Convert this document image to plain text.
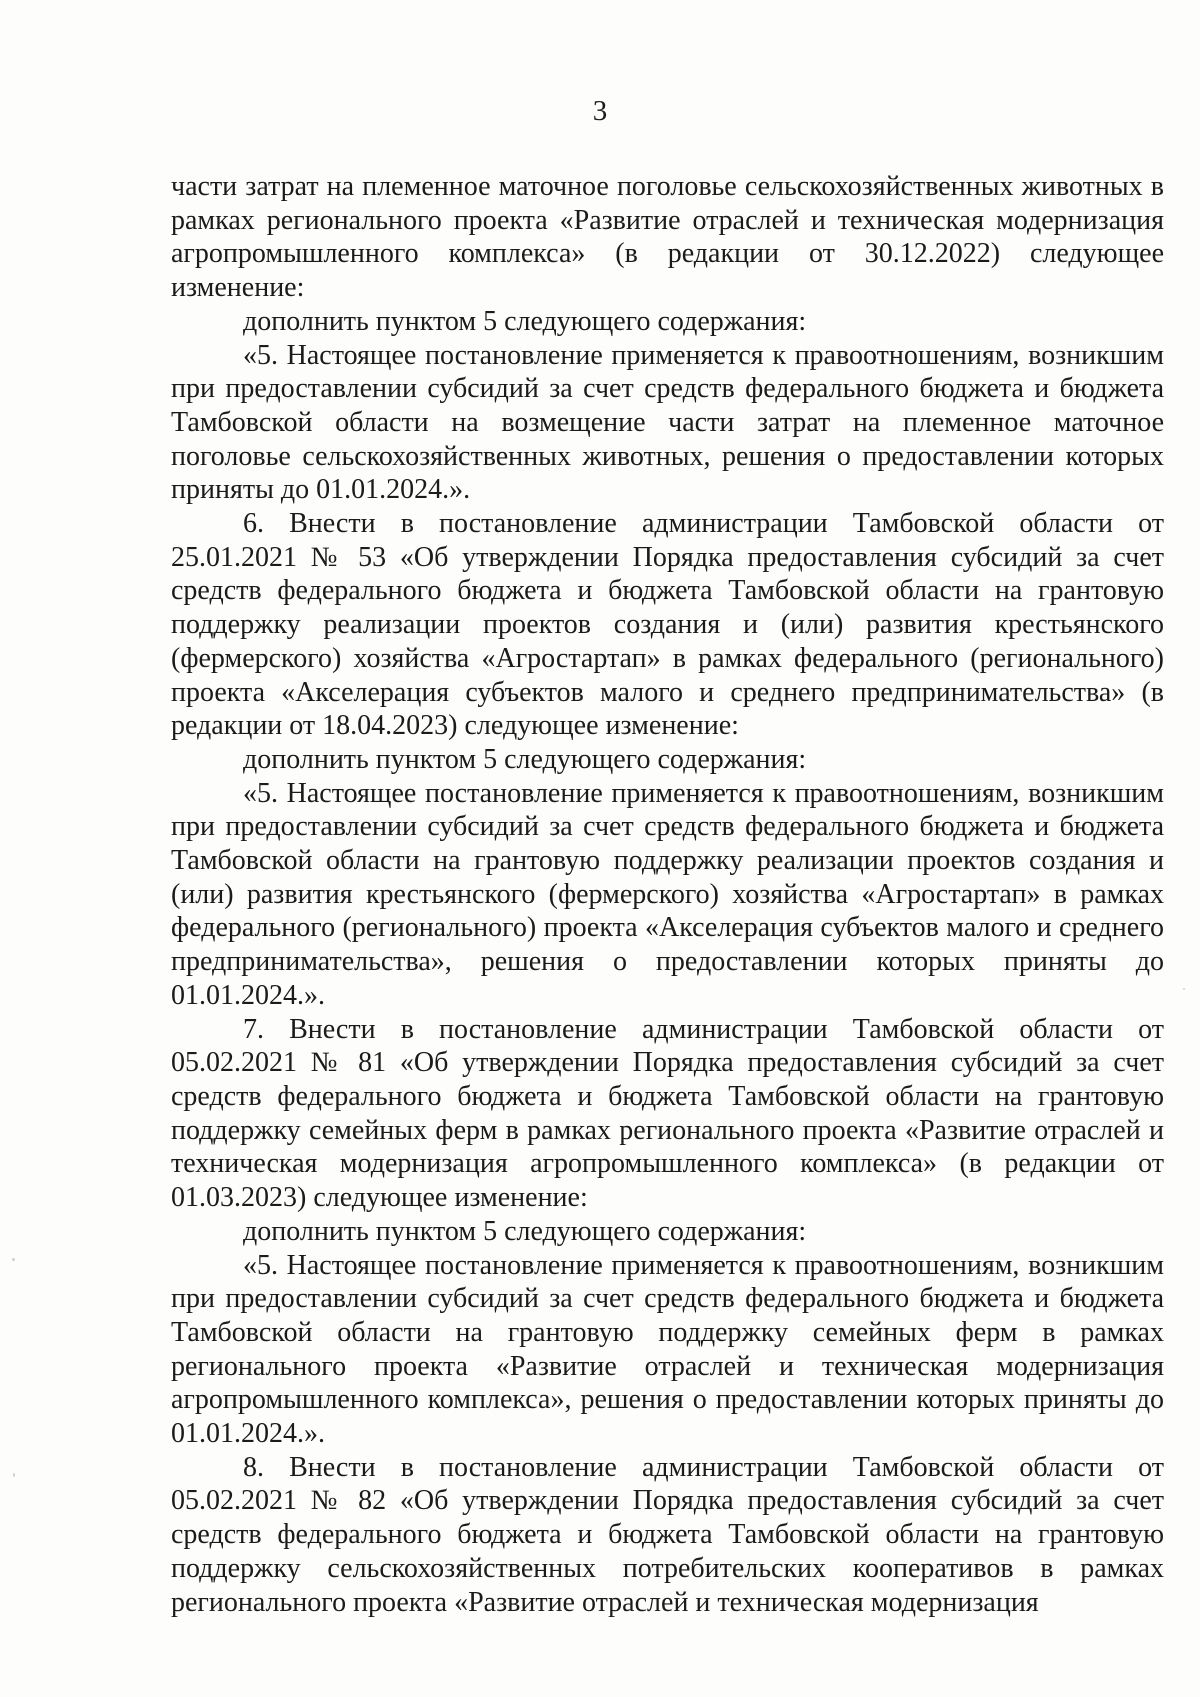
3

части затрат на племенное маточное поголовье сельскохозяйственных животных в рамках регионального проекта «Развитие отраслей и техническая модернизация агропромышленного комплекса» (в редакции от 30.12.2022) следующее изменение:

дополнить пунктом 5 следующего содержания:

«5. Настоящее постановление применяется к правоотношениям, возникшим при предоставлении субсидий за счет средств федерального бюджета и бюджета Тамбовской области на возмещение части затрат на племенное маточное поголовье сельскохозяйственных животных, решения о предоставлении которых приняты до 01.01.2024.».

6. Внести в постановление администрации Тамбовской области от 25.01.2021 № 53 «Об утверждении Порядка предоставления субсидий за счет средств федерального бюджета и бюджета Тамбовской области на грантовую поддержку реализации проектов создания и (или) развития крестьянского (фермерского) хозяйства «Агростартап» в рамках федерального (регионального) проекта «Акселерация субъектов малого и среднего предпринимательства» (в редакции от 18.04.2023) следующее изменение:

дополнить пунктом 5 следующего содержания:

«5. Настоящее постановление применяется к правоотношениям, возникшим при предоставлении субсидий за счет средств федерального бюджета и бюджета Тамбовской области на грантовую поддержку реализации проектов создания и (или) развития крестьянского (фермерского) хозяйства «Агростартап» в рамках федерального (регионального) проекта «Акселерация субъектов малого и среднего предпринимательства», решения о предоставлении которых приняты до 01.01.2024.».

7. Внести в постановление администрации Тамбовской области от 05.02.2021 № 81 «Об утверждении Порядка предоставления субсидий за счет средств федерального бюджета и бюджета Тамбовской области на грантовую поддержку семейных ферм в рамках регионального проекта «Развитие отраслей и техническая модернизация агропромышленного комплекса» (в редакции от 01.03.2023) следующее изменение:

дополнить пунктом 5 следующего содержания:

«5. Настоящее постановление применяется к правоотношениям, возникшим при предоставлении субсидий за счет средств федерального бюджета и бюджета Тамбовской области на грантовую поддержку семейных ферм в рамках регионального проекта «Развитие отраслей и техническая модернизация агропромышленного комплекса», решения о предоставлении которых приняты до 01.01.2024.».

8. Внести в постановление администрации Тамбовской области от 05.02.2021 № 82 «Об утверждении Порядка предоставления субсидий за счет средств федерального бюджета и бюджета Тамбовской области на грантовую поддержку сельскохозяйственных потребительских кооперативов в рамках регионального проекта «Развитие отраслей и техническая модернизация
